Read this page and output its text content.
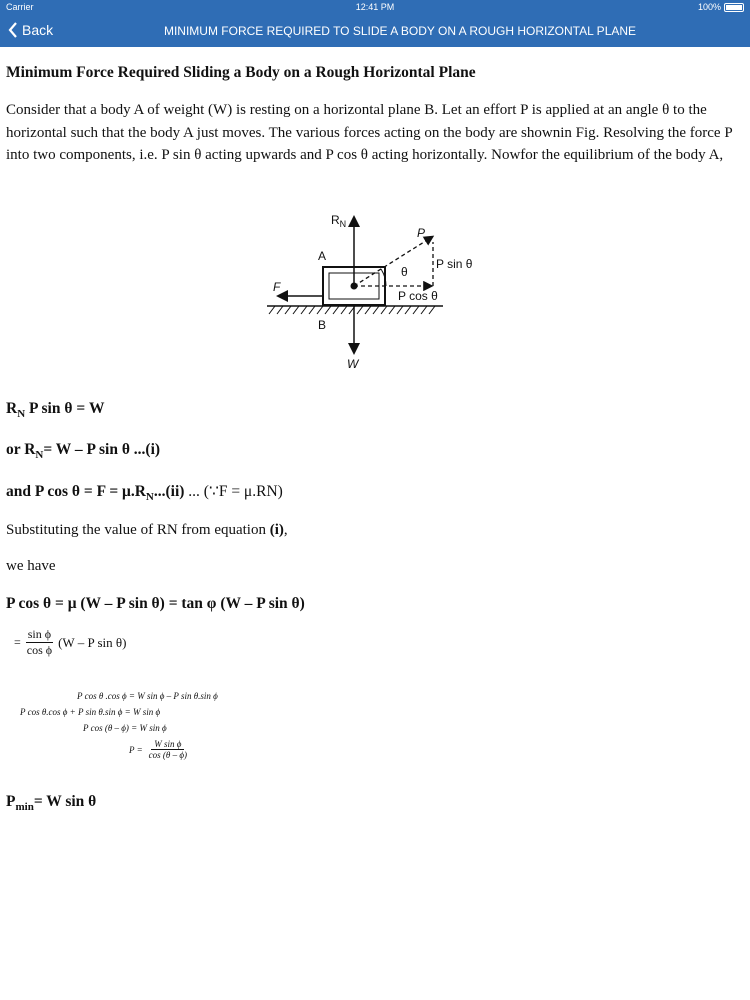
Carrier	12:41 PM	100%
Back	MINIMUM FORCE REQUIRED TO SLIDE A BODY ON A ROUGH HORIZONTAL PLANE
Minimum Force Required Sliding a Body on a Rough Horizontal Plane
Consider that a body A of weight (W) is resting on a horizontal plane B. Let an effort P is applied at an angle θ to the horizontal such that the body A just moves. The various forces acting on the body are shownin Fig. Resolving the force P into two components, i.e. P sin θ acting upwards and P cos θ acting horizontally. Nowfor the equilibrium of the body A,
$R_N$
P
P sin θ
θ
A
F
P cos θ
B
W
$R_N$ P sin θ = W
or $R_N= W - P$ sin θ ...(i)
and P $\cos \theta = F = \mu.R_N...(ii)$ ... (∵F = μ.RN)
Substituting the value of RN from equation (i),
we have
P cos θ = μ (W – P sin θ) = tan φ (W – P sin θ)
= $\frac{\text{sin ϕ}}{\text{cos ϕ}} (W$ – P sin θ)
P cos θ .cos ϕ = W sin ϕ – P sin θ.sin ϕ
P cos θ.cos ϕ + P sin θ.sin ϕ = W sin ϕ
P cos (θ – ϕ) = W sin ϕ
$P = \frac{\text{W sin ϕ}}{\cos (\theta - \phi)}$
$P_{min}= W$ sin θ
